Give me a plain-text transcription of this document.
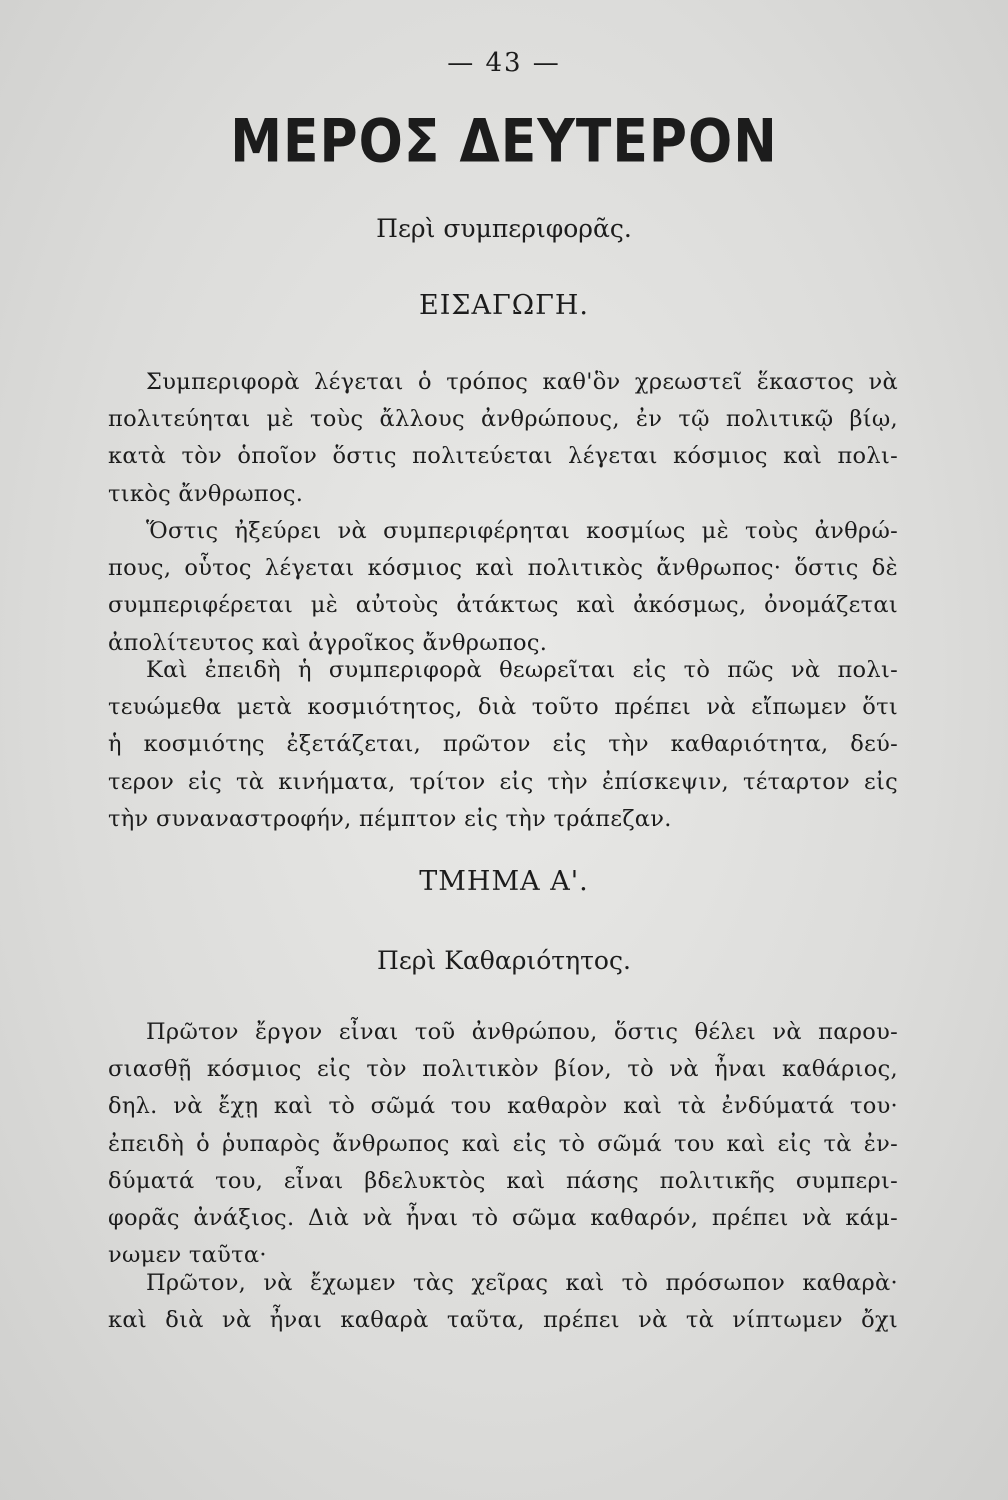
— 43 —
ΜΕΡΟΣ ΔΕΥΤΕΡΟΝ
Περὶ συμπεριφορᾶς.
ΕΙΣΑΓΩΓΗ.
Συμπεριφορὰ λέγεται ὁ τρόπος καθ'ὃν χρεωστεῖ ἕκαστος νὰ
πολιτεύηται μὲ τοὺς ἄλλους ἀνθρώπους, ἐν τῷ πολιτικῷ βίῳ,
κατὰ τὸν ὁποῖον ὅστις πολιτεύεται λέγεται κόσμιος καὶ πολι-
τικὸς ἄνθρωπος.
Ὅστις ἠξεύρει νὰ συμπεριφέρηται κοσμίως μὲ τοὺς ἀνθρώ-
πους, οὗτος λέγεται κόσμιος καὶ πολιτικὸς ἄνθρωπος· ὅστις δὲ
συμπεριφέρεται μὲ αὐτοὺς ἀτάκτως καὶ ἀκόσμως, ὀνομάζεται
ἀπολίτευτος καὶ ἀγροῖκος ἄνθρωπος.
Καὶ ἐπειδὴ ἡ συμπεριφορὰ θεωρεῖται εἰς τὸ πῶς νὰ πολι-
τευώμεθα μετὰ κοσμιότητος, διὰ τοῦτο πρέπει νὰ εἴπωμεν ὅτι
ἡ κοσμιότης ἐξετάζεται, πρῶτον εἰς τὴν καθαριότητα, δεύ-
τερον εἰς τὰ κινήματα, τρίτον εἰς τὴν ἐπίσκεψιν, τέταρτον εἰς
τὴν συναναστροφήν, πέμπτον εἰς τὴν τράπεζαν.
ΤΜΗΜΑ Α'.
Περὶ Καθαριότητος.
Πρῶτον ἔργον εἶναι τοῦ ἀνθρώπου, ὅστις θέλει νὰ παρου-
σιασθῇ κόσμιος εἰς τὸν πολιτικὸν βίον, τὸ νὰ ἦναι καθάριος,
δηλ. νὰ ἔχῃ καὶ τὸ σῶμά του καθαρὸν καὶ τὰ ἐνδύματά του·
ἐπειδὴ ὁ ῥυπαρὸς ἄνθρωπος καὶ εἰς τὸ σῶμά του καὶ εἰς τὰ ἐν-
δύματά του, εἶναι βδελυκτὸς καὶ πάσης πολιτικῆς συμπερι-
φορᾶς ἀνάξιος. Διὰ νὰ ἦναι τὸ σῶμα καθαρόν, πρέπει νὰ κάμ-
νωμεν ταῦτα·
Πρῶτον, νὰ ἔχωμεν τὰς χεῖρας καὶ τὸ πρόσωπον καθαρὰ·
καὶ διὰ νὰ ἦναι καθαρὰ ταῦτα, πρέπει νὰ τὰ νίπτωμεν ὄχι
